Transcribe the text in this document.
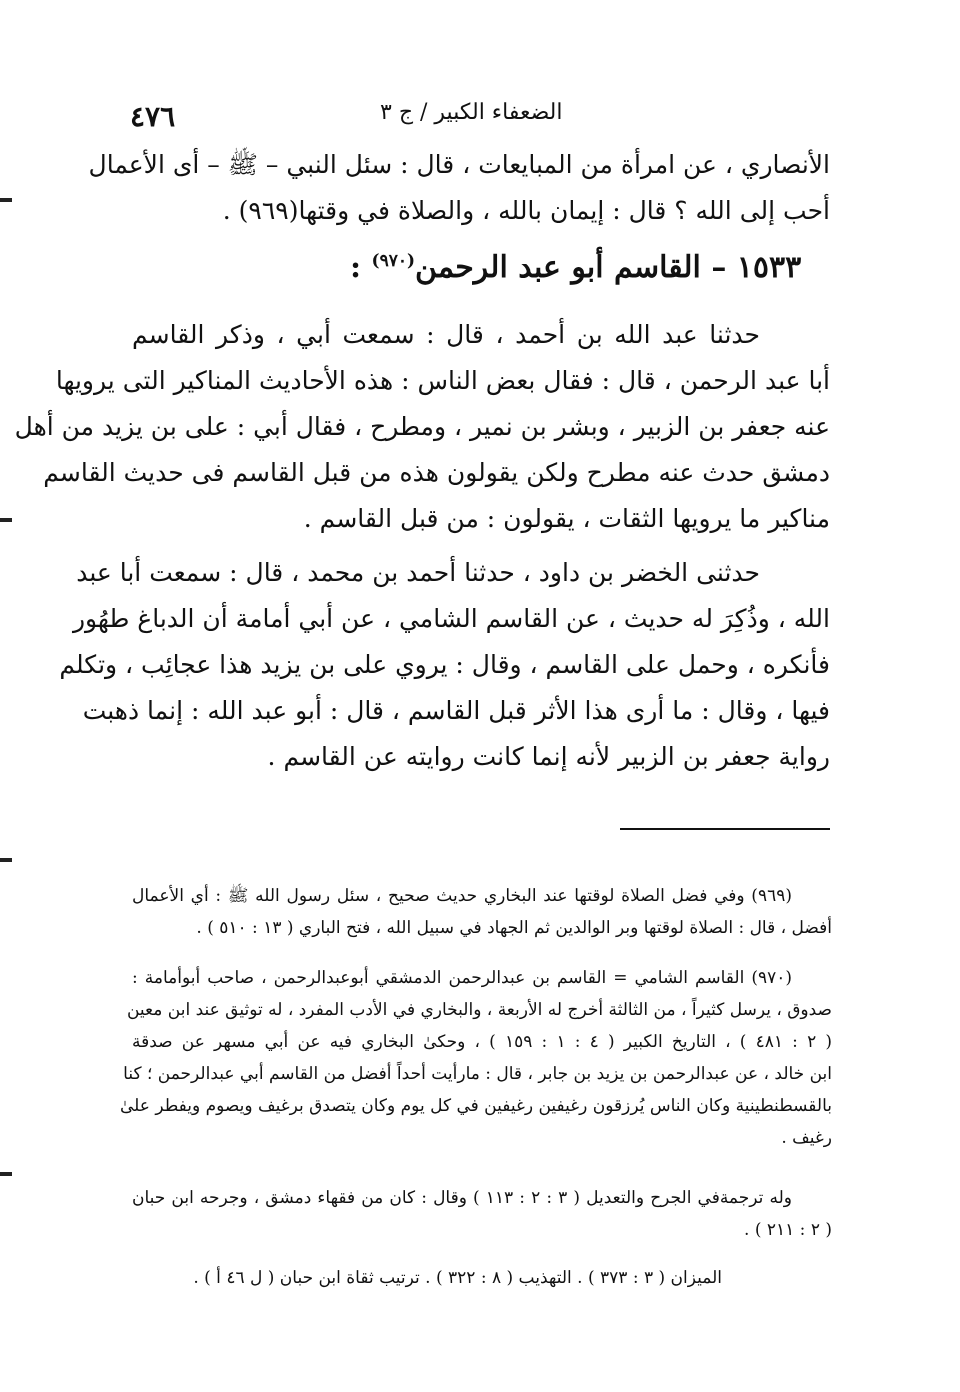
٤٧٦	الضعفاء الكبير / ج ٣
الأنصاري ، عن امرأة من المبايعات ، قال : سئل النبي – ﷺ – أى الأعمال
أحب إلى الله ؟ قال : إيمان بالله ، والصلاة في وقتها(٩٦٩) .
١٥٣٣ – القاسم أبو عبد الرحمن$^{(٩٧٠)}$ :
حدثنا عبد الله بن أحمد ، قال : سمعت أبي ، وذكر القاسم
أبا عبد الرحمن ، قال : فقال بعض الناس : هذه الأحاديث المناكير التى يرويها
عنه جعفر بن الزبير ، وبشر بن نمير ، ومطرح ، فقال أبي : على بن يزيد من أهل
دمشق حدث عنه مطرح ولكن يقولون هذه من قبل القاسم فى حديث القاسم
مناكير ما يرويها الثقات ، يقولون : من قبل القاسم .
حدثنى الخضر بن داود ، حدثنا أحمد بن محمد ، قال : سمعت أبا عبد
الله ، وذُكِرَ له حديث ، عن القاسم الشامي ، عن أبي أمامة أن الدباغ طهُور
فأنكره ، وحمل على القاسم ، وقال : يروي على بن يزيد هذا عجائِب ، وتكلم
فيها ، وقال : ما أرى هذا الأثر قبل القاسم ، قال : أبو عبد الله : إنما ذهبت
رواية جعفر بن الزبير لأنه إنما كانت روايته عن القاسم .
(٩٦٩) وفي فضل الصلاة لوقتها عند البخاري حديث صحيح ، سئل رسول الله ﷺ : أي الأعمال
أفضل ، قال : الصلاة لوقتها وبر الوالدين ثم الجهاد في سبيل الله ، فتح الباري ( ١٣ : ٥١٠ ) .
(٩٧٠) القاسم الشامي = القاسم بن عبدالرحمن الدمشقي أبوعبدالرحمن ، صاحب أبوأمامة :
صدوق ، يرسل كثيراً ، من الثالثة أخرج له الأربعة ، والبخاري في الأدب المفرد ، له توثيق عند ابن معين
( ٢ : ٤٨١ ) ، التاريخ الكبير ( ٤ : ١ : ١٥٩ ) ، وحكىٰ البخاري فيه عن أبي مسهر عن صدقة
ابن خالد ، عن عبدالرحمن بن يزيد بن جابر ، قال : مارأيت أحداً أفضل من القاسم أبي عبدالرحمن ؛ كنا
بالقسطنطينية وكان الناس يُرزقون رغيفين رغيفين في كل يوم وكان يتصدق برغيف ويصوم ويفطر علىٰ
رغيف .
وله ترجمةفي الجرح والتعديل ( ٣ : ٢ : ١١٣ ) وقال : كان من فقهاء دمشق ، وجرحه ابن حبان
( ٢ : ٢١١ ) .
الميزان ( ٣ : ٣٧٣ ) . التهذيب ( ٨ : ٣٢٢ ) . ترتيب ثقاة ابن حبان ( ل ٤٦ أ ) .
